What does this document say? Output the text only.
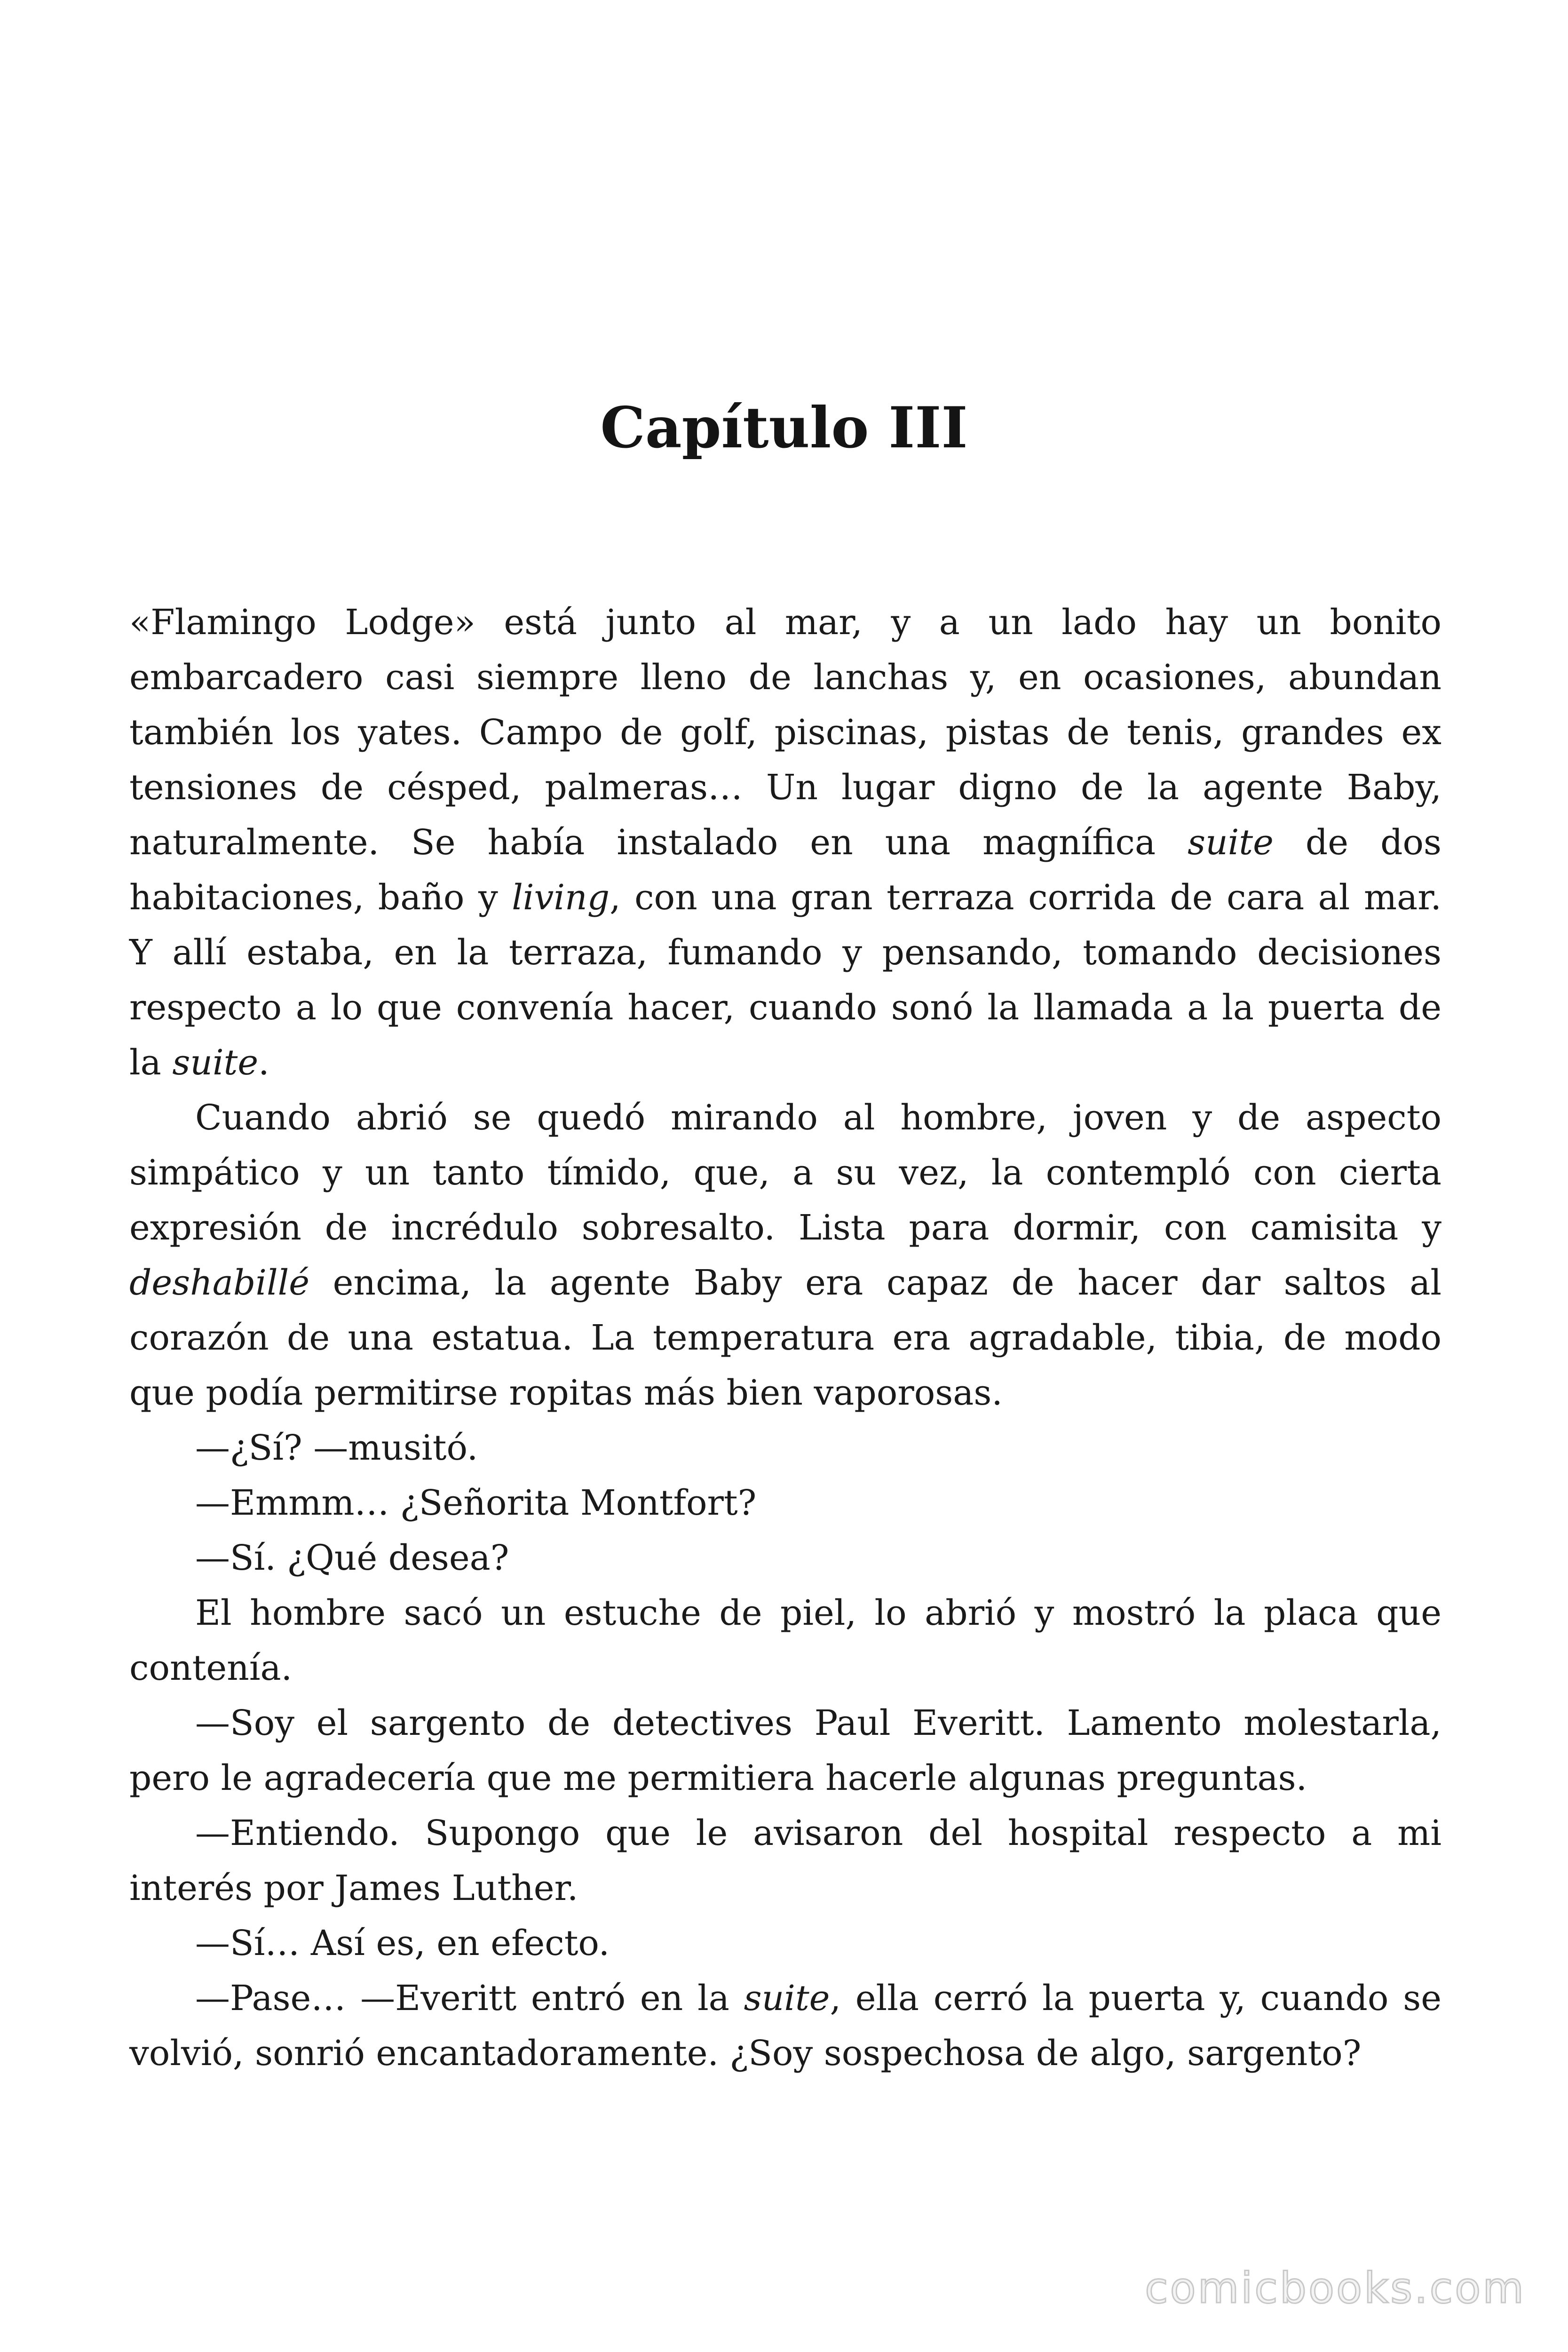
Capítulo III

«Flamingo Lodge» está junto al mar, y a un lado hay un bonito embarcadero casi siempre lleno de lanchas y, en ocasiones, abundan también los yates. Campo de golf, piscinas, pistas de tenis, grandes ex tensiones de césped, palmeras… Un lugar digno de la agente Baby, naturalmente. Se había instalado en una magnífica suite de dos habitaciones, baño y living, con una gran terraza corrida de cara al mar. Y allí estaba, en la terraza, fumando y pensando, tomando decisiones respecto a lo que convenía hacer, cuando sonó la llamada a la puerta de la suite.

Cuando abrió se quedó mirando al hombre, joven y de aspecto simpático y un tanto tímido, que, a su vez, la contempló con cierta expresión de incrédulo sobresalto. Lista para dormir, con camisita y deshabillé encima, la agente Baby era capaz de hacer dar saltos al corazón de una estatua. La temperatura era agradable, tibia, de modo que podía permitirse ropitas más bien vaporosas.

—¿Sí? —musitó.

—Emmm… ¿Señorita Montfort?

—Sí. ¿Qué desea?

El hombre sacó un estuche de piel, lo abrió y mostró la placa que contenía.

—Soy el sargento de detectives Paul Everitt. Lamento molestarla, pero le agradecería que me permitiera hacerle algunas preguntas.

—Entiendo. Supongo que le avisaron del hospital respecto a mi interés por James Luther.

—Sí… Así es, en efecto.

—Pase… —Everitt entró en la suite, ella cerró la puerta y, cuando se volvió, sonrió encantadoramente. ¿Soy sospechosa de algo, sargento?

comicbooks.com
